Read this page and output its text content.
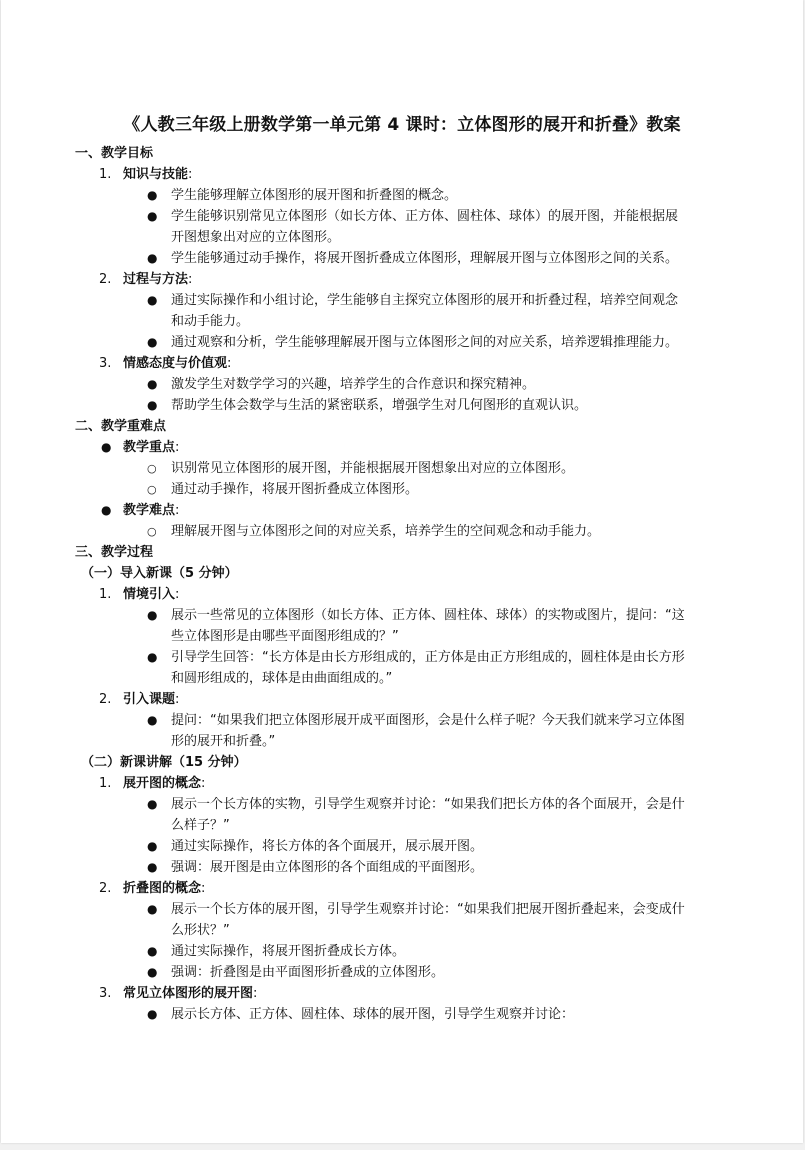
《人教三年级上册数学第一单元第 4 课时：立体图形的展开和折叠》教案
一、教学目标
1. 知识与技能:
● 学生能够理解立体图形的展开图和折叠图的概念。
● 学生能够识别常见立体图形（如长方体、正方体、圆柱体、球体）的展开图，并能根据展
开图想象出对应的立体图形。
● 学生能够通过动手操作，将展开图折叠成立体图形，理解展开图与立体图形之间的关系。
2. 过程与方法:
● 通过实际操作和小组讨论，学生能够自主探究立体图形的展开和折叠过程，培养空间观念
和动手能力。
● 通过观察和分析，学生能够理解展开图与立体图形之间的对应关系，培养逻辑推理能力。
3. 情感态度与价值观:
● 激发学生对数学学习的兴趣，培养学生的合作意识和探究精神。
● 帮助学生体会数学与生活的紧密联系，增强学生对几何图形的直观认识。
二、教学重难点
● 教学重点:
○ 识别常见立体图形的展开图，并能根据展开图想象出对应的立体图形。
○ 通过动手操作，将展开图折叠成立体图形。
● 教学难点:
○ 理解展开图与立体图形之间的对应关系，培养学生的空间观念和动手能力。
三、教学过程
（一）导入新课（5 分钟）
1. 情境引入:
● 展示一些常见的立体图形（如长方体、正方体、圆柱体、球体）的实物或图片，提问：“这
些立体图形是由哪些平面图形组成的？”
● 引导学生回答：“长方体是由长方形组成的，正方体是由正方形组成的，圆柱体是由长方形
和圆形组成的，球体是由曲面组成的。”
2. 引入课题:
● 提问：“如果我们把立体图形展开成平面图形，会是什么样子呢？今天我们就来学习立体图
形的展开和折叠。”
（二）新课讲解（15 分钟）
1. 展开图的概念:
● 展示一个长方体的实物，引导学生观察并讨论：“如果我们把长方体的各个面展开，会是什
么样子？”
● 通过实际操作，将长方体的各个面展开，展示展开图。
● 强调：展开图是由立体图形的各个面组成的平面图形。
2. 折叠图的概念:
● 展示一个长方体的展开图，引导学生观察并讨论：“如果我们把展开图折叠起来，会变成什
么形状？”
● 通过实际操作，将展开图折叠成长方体。
● 强调：折叠图是由平面图形折叠成的立体图形。
3. 常见立体图形的展开图:
● 展示长方体、正方体、圆柱体、球体的展开图，引导学生观察并讨论：
